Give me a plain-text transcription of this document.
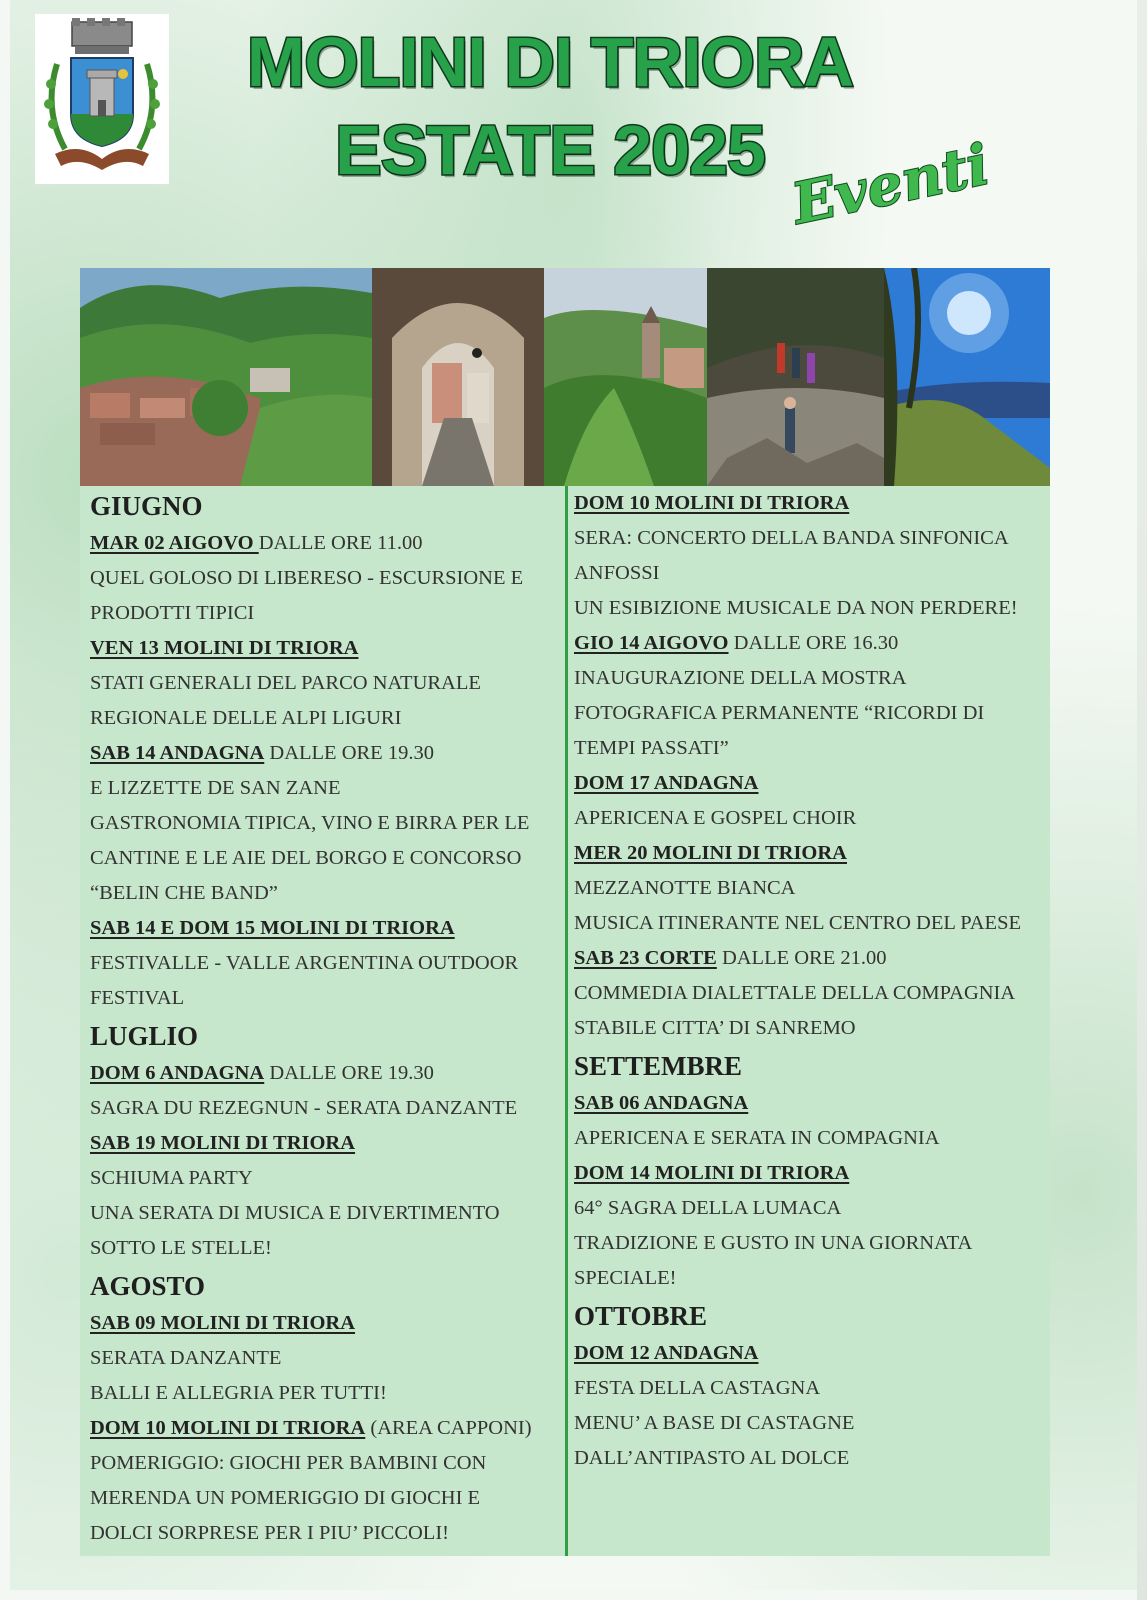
MOLINI DI TRIORA
ESTATE 2025 Eventi
GIUGNO
MAR 02 AIGOVO DALLE ORE 11.00
QUEL GOLOSO DI LIBERESO - ESCURSIONE E
PRODOTTI TIPICI
VEN 13 MOLINI DI TRIORA
STATI GENERALI DEL PARCO NATURALE
REGIONALE DELLE ALPI LIGURI
SAB 14 ANDAGNA DALLE ORE 19.30
E LIZZETTE DE SAN ZANE
GASTRONOMIA TIPICA, VINO E BIRRA PER LE
CANTINE E LE AIE DEL BORGO E CONCORSO
“BELIN CHE BAND”
SAB 14 E DOM 15 MOLINI DI TRIORA
FESTIVALLE - VALLE ARGENTINA OUTDOOR
FESTIVAL
LUGLIO
DOM 6 ANDAGNA DALLE ORE 19.30
SAGRA DU REZEGNUN - SERATA DANZANTE
SAB 19 MOLINI DI TRIORA
SCHIUMA PARTY
UNA SERATA DI MUSICA E DIVERTIMENTO
SOTTO LE STELLE!
AGOSTO
SAB 09 MOLINI DI TRIORA
SERATA DANZANTE
BALLI E ALLEGRIA PER TUTTI!
DOM 10 MOLINI DI TRIORA (AREA CAPPONI)
POMERIGGIO: GIOCHI PER BAMBINI CON
MERENDA UN POMERIGGIO DI GIOCHI E
DOLCI SORPRESE PER I PIU’ PICCOLI!
DOM 10 MOLINI DI TRIORA
SERA: CONCERTO DELLA BANDA SINFONICA
ANFOSSI
UN ESIBIZIONE MUSICALE DA NON PERDERE!
GIO 14 AIGOVO DALLE ORE 16.30
INAUGURAZIONE DELLA MOSTRA
FOTOGRAFICA PERMANENTE “RICORDI DI
TEMPI PASSATI”
DOM 17 ANDAGNA
APERICENA E GOSPEL CHOIR
MER 20 MOLINI DI TRIORA
MEZZANOTTE BIANCA
MUSICA ITINERANTE NEL CENTRO DEL PAESE
SAB 23 CORTE DALLE ORE 21.00
COMMEDIA DIALETTALE DELLA COMPAGNIA
STABILE CITTA’ DI SANREMO
SETTEMBRE
SAB 06 ANDAGNA
APERICENA E SERATA IN COMPAGNIA
DOM 14 MOLINI DI TRIORA
64° SAGRA DELLA LUMACA
TRADIZIONE E GUSTO IN UNA GIORNATA
SPECIALE!
OTTOBRE
DOM 12 ANDAGNA
FESTA DELLA CASTAGNA
MENU’ A BASE DI CASTAGNE
DALL’ANTIPASTO AL DOLCE
